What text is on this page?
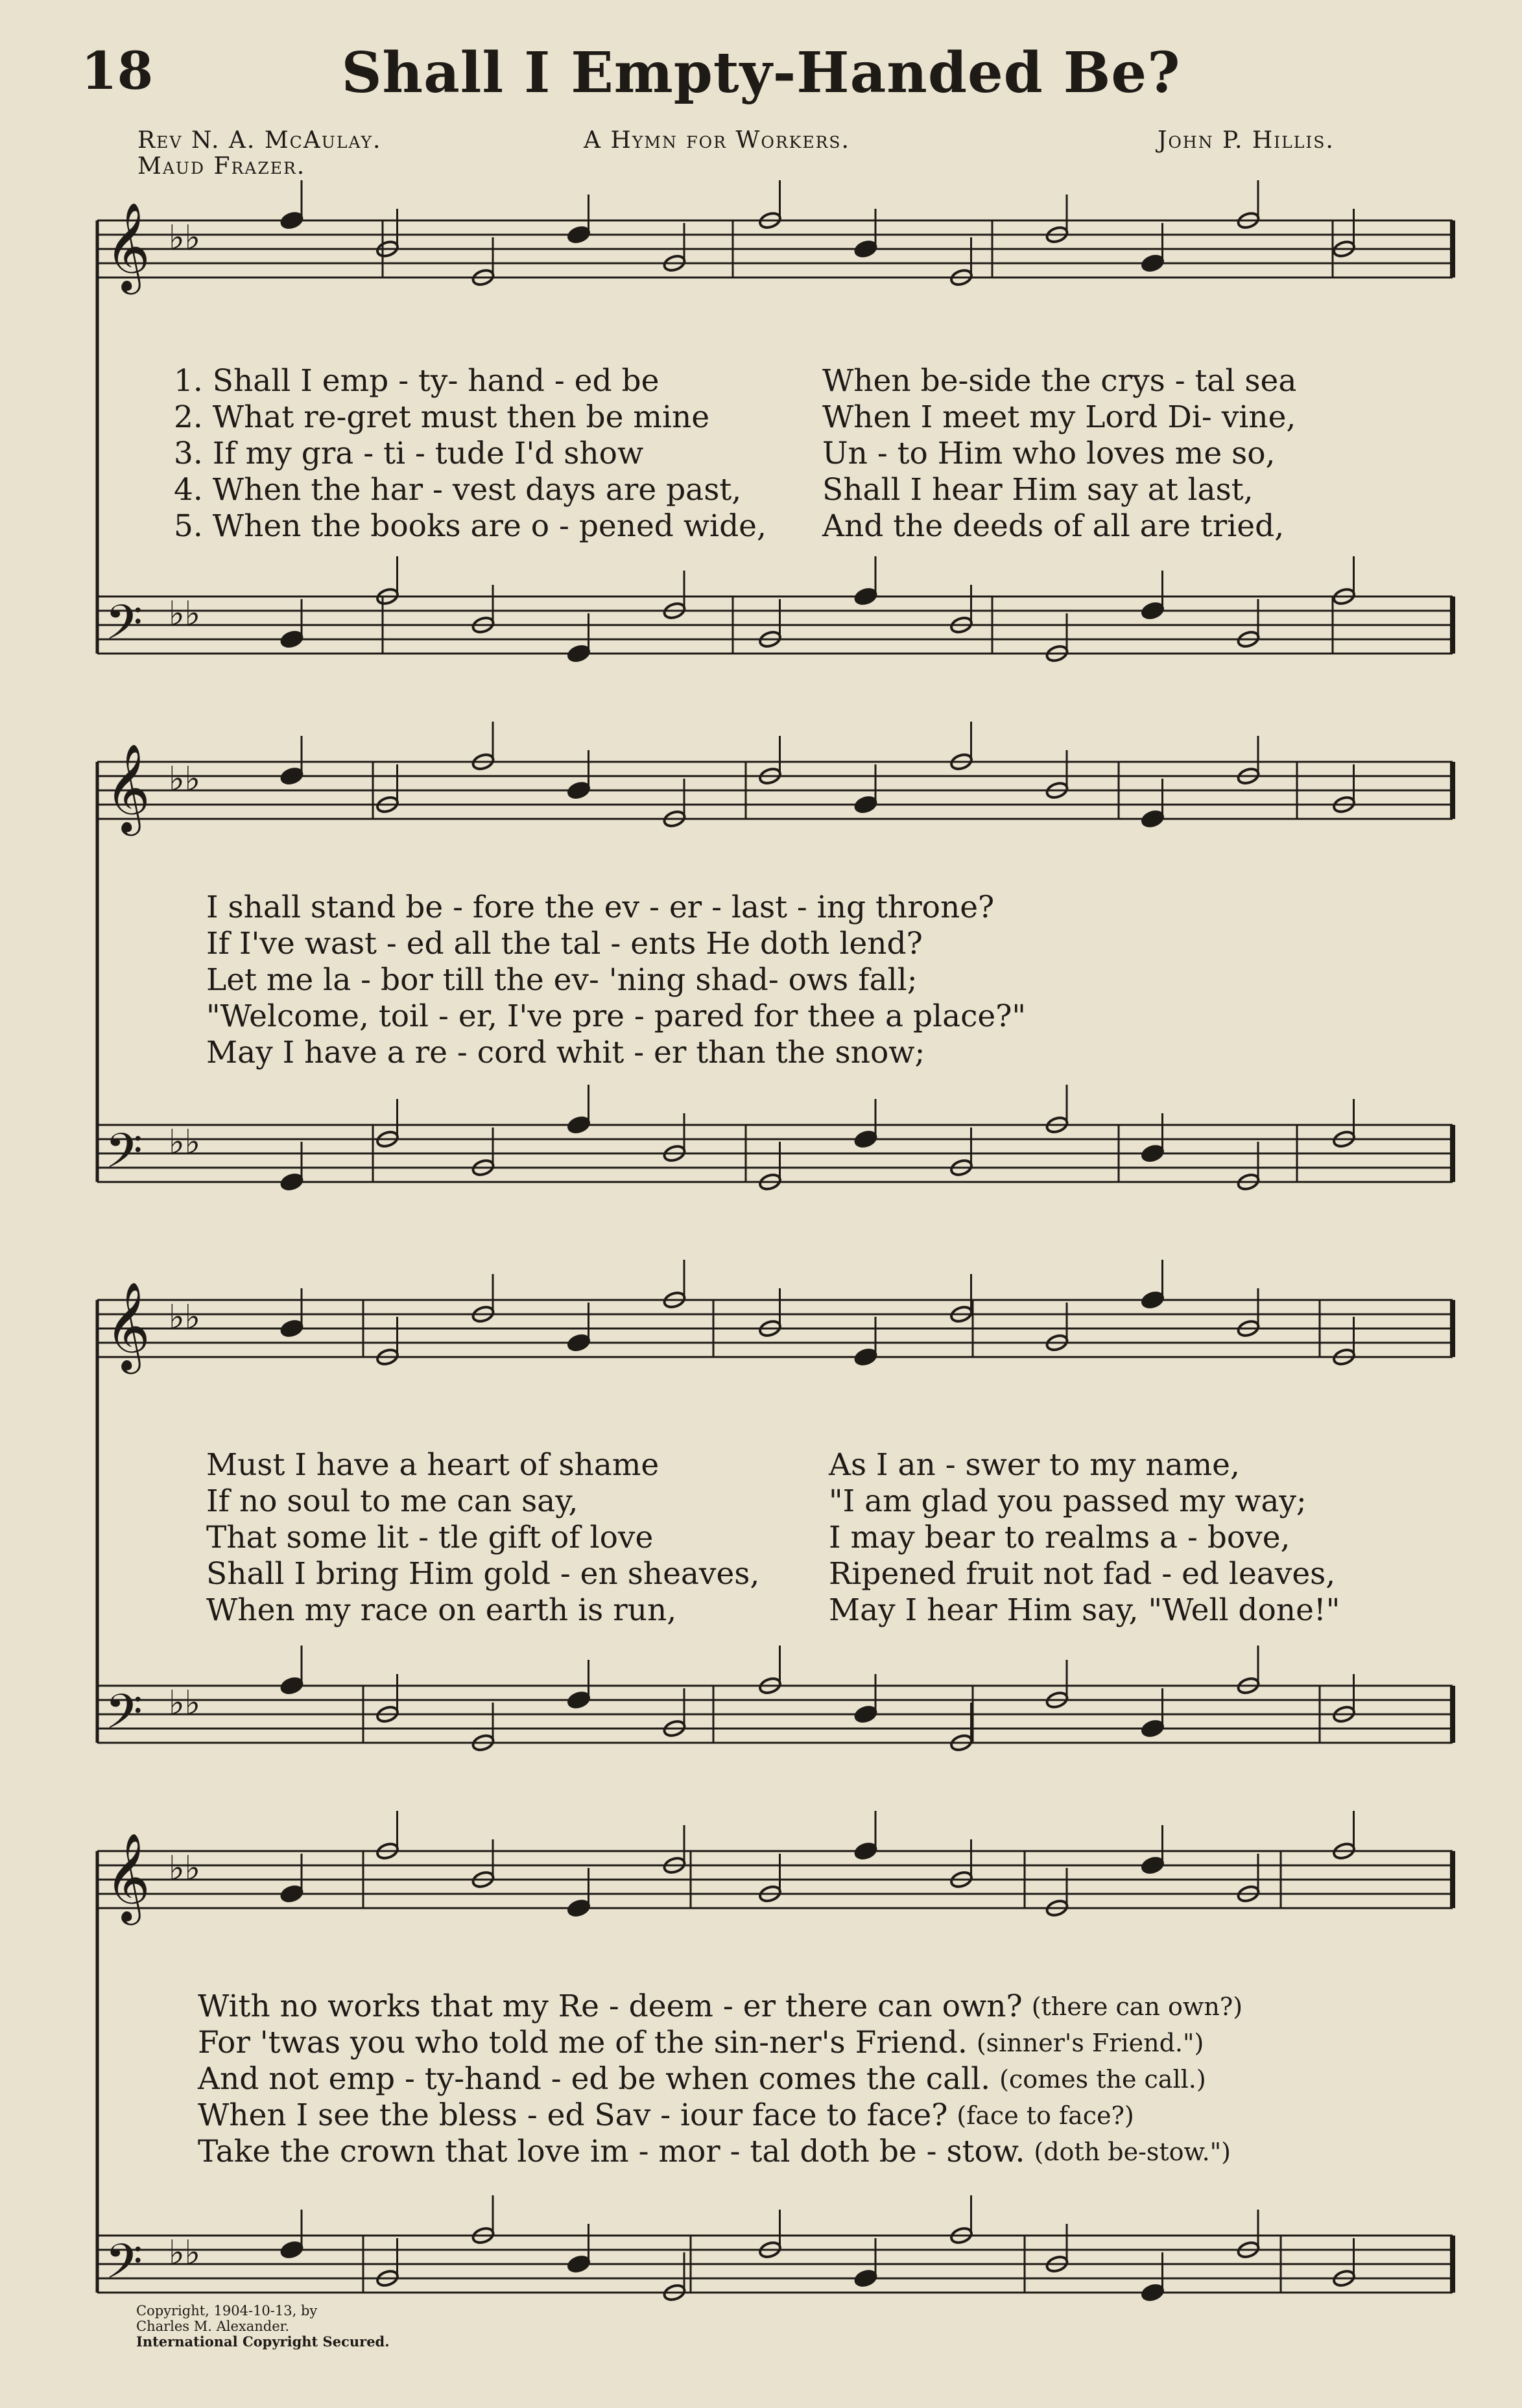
18	Shall I Empty-Handed Be?
Rev N. A. McAulay.
Maud Frazer.
A Hymn for Workers.	John P. Hillis.
𝄞 ♭♭
𝄢 ♭♭
𝄞 ♭♭
𝄢 ♭♭
𝄞 ♭♭
𝄢 ♭♭
𝄞 ♭♭
𝄢 ♭♭
1. Shall I emp - ty- hand - ed be	When be-side the crys - tal sea
2. What re-gret must then be mine	When I meet my Lord Di- vine,
3. If my gra - ti - tude I'd show	Un - to Him who loves me so,
4. When the har - vest days are past,	Shall I hear Him say at last,
5. When the books are o - pened wide,	And the deeds of all are tried,
I shall stand be - fore the ev - er - last - ing throne?
If I've wast - ed all the tal - ents He doth lend?
Let me la - bor till the ev- 'ning shad- ows fall;
"Welcome, toil - er, I've pre - pared for thee a place?"
May I have a re - cord whit - er than the snow;
Must I have a heart of shame	As I an - swer to my name,
If no soul to me can say,	"I am glad you passed my way;
That some lit - tle gift of love	I may bear to realms a - bove,
Shall I bring Him gold - en sheaves,	Ripened fruit not fad - ed leaves,
When my race on earth is run,	May I hear Him say, "Well done!"
With no works that my Re - deem - er there can own? (there can own?)
For 'twas you who told me of the sin-ner's Friend. (sinner's Friend.")
And not emp - ty-hand - ed be when comes the call. (comes the call.)
When I see the bless - ed Sav - iour face to face? (face to face?)
Take the crown that love im - mor - tal doth be - stow. (doth be-stow.")
Copyright, 1904-10-13, by
Charles M. Alexander.
International Copyright Secured.
